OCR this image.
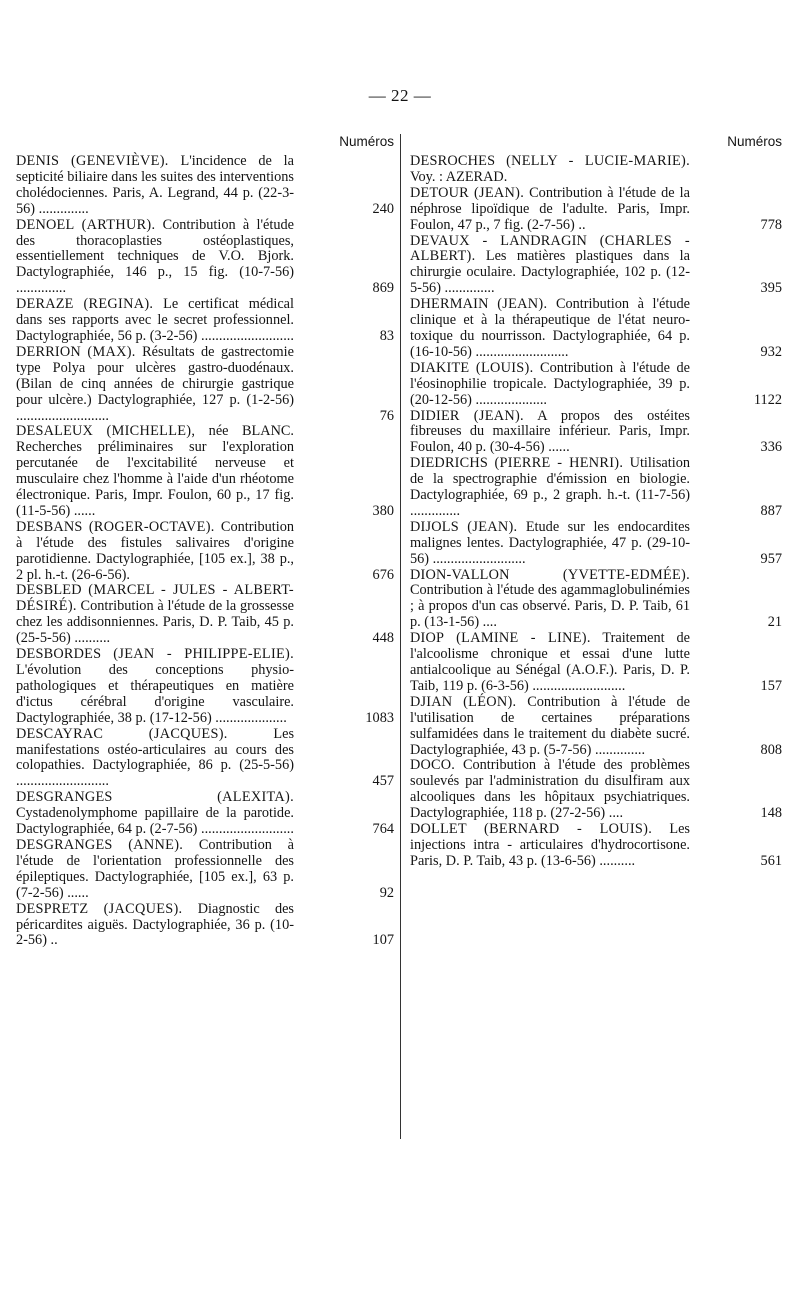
— 22 —
Numéros
DENIS (GENEVIÈVE). L'incidence de la septicité biliaire dans les suites des interventions cholédociennes. Paris, A. Legrand, 44 p. (22-3-56) ..............	240
DENOEL (ARTHUR). Contribution à l'étude des thoracoplasties ostéoplastiques, essentiellement techniques de V.O. Bjork. Dactylographiée, 146 p., 15 fig. (10-7-56) ..............	869
DERAZE (REGINA). Le certificat médical dans ses rapports avec le secret professionnel. Dactylographiée, 56 p. (3-2-56) ..........................	83
DERRION (MAX). Résultats de gastrectomie type Polya pour ulcères gastro-duodénaux. (Bilan de cinq années de chirurgie gastrique pour ulcère.) Dactylographiée, 127 p. (1-2-56) ..........................	76
DESALEUX (MICHELLE), née BLANC. Recherches préliminaires sur l'exploration percutanée de l'excitabilité nerveuse et musculaire chez l'homme à l'aide d'un rhéotome électronique. Paris, Impr. Foulon, 60 p., 17 fig. (11-5-56) ......	380
DESBANS (ROGER-OCTAVE). Contribution à l'étude des fistules salivaires d'origine parotidienne. Dactylographiée, [105 ex.], 38 p., 2 pl. h.-t. (26-6-56).	676
DESBLED (MARCEL - JULES - ALBERT-DÉSIRÉ). Contribution à l'étude de la grossesse chez les addisonniennes. Paris, D. P. Taib, 45 p. (25-5-56) ..........	448
DESBORDES (JEAN - PHILIPPE-ELIE). L'évolution des conceptions physio-pathologiques et thérapeutiques en matière d'ictus cérébral d'origine vasculaire. Dactylographiée, 38 p. (17-12-56) ....................	1083
DESCAYRAC	(JACQUES).	Les manifestations ostéo-articulaires au cours des colopathies. Dactylographiée, 86 p. (25-5-56) ..........................	457
DESGRANGES	(ALEXITA). Cystadenolymphome papillaire de la parotide. Dactylographiée, 64 p. (2-7-56) ..........................	764
DESGRANGES (ANNE). Contribution à l'étude de l'orientation professionnelle des épileptiques. Dactylographiée, [105 ex.], 63 p. (7-2-56) ......	92
DESPRETZ (JACQUES). Diagnostic des péricardites aiguës. Dactylographiée, 36 p. (10-2-56) ..	107
Numéros
DESROCHES (NELLY - LUCIE-MARIE). Voy. : AZERAD.
DETOUR (JEAN). Contribution à l'étude de la néphrose lipoïdique de l'adulte. Paris, Impr. Foulon, 47 p., 7 fig. (2-7-56) ..	778
DEVAUX - LANDRAGIN (CHARLES - ALBERT). Les matières plastiques dans la chirurgie oculaire. Dactylographiée, 102 p. (12-5-56) ..............	395
DHERMAIN (JEAN). Contribution à l'étude clinique et à la thérapeutique de l'état neuro-toxique du nourrisson. Dactylographiée, 64 p. (16-10-56) ..........................	932
DIAKITE (LOUIS). Contribution à l'étude de l'éosinophilie tropicale. Dactylographiée, 39 p. (20-12-56) ....................	1122
DIDIER (JEAN). A propos des ostéites fibreuses du maxillaire inférieur. Paris, Impr. Foulon, 40 p. (30-4-56) ......	336
DIEDRICHS (PIERRE - HENRI). Utilisation de la spectrographie d'émission en biologie. Dactylographiée, 69 p., 2 graph. h.-t. (11-7-56) ..............	887
DIJOLS (JEAN). Etude sur les endocardites malignes lentes. Dactylographiée, 47 p. (29-10-56) ..........................	957
DION-VALLON	(YVETTE-EDMÉE). Contribution à l'étude des agammaglobulinémies ; à propos d'un cas observé. Paris, D. P. Taib, 61 p. (13-1-56) ....	21
DIOP (LAMINE - LINE). Traitement de l'alcoolisme chronique et essai d'une lutte antialcoolique au Sénégal (A.O.F.). Paris, D. P. Taib, 119 p. (6-3-56) ..........................	157
DJIAN (LÉON). Contribution à l'étude de l'utilisation de certaines préparations sulfamidées dans le traitement du diabète sucré. Dactylographiée, 43 p. (5-7-56) ..............	808
DOCO. Contribution à l'étude des problèmes soulevés par l'administration du disulfiram aux alcooliques dans les hôpitaux psychiatriques. Dactylographiée, 118 p. (27-2-56) ....	148
DOLLET (BERNARD - LOUIS). Les injections intra - articulaires d'hydrocortisone. Paris, D. P. Taib, 43 p. (13-6-56) ..........	561
